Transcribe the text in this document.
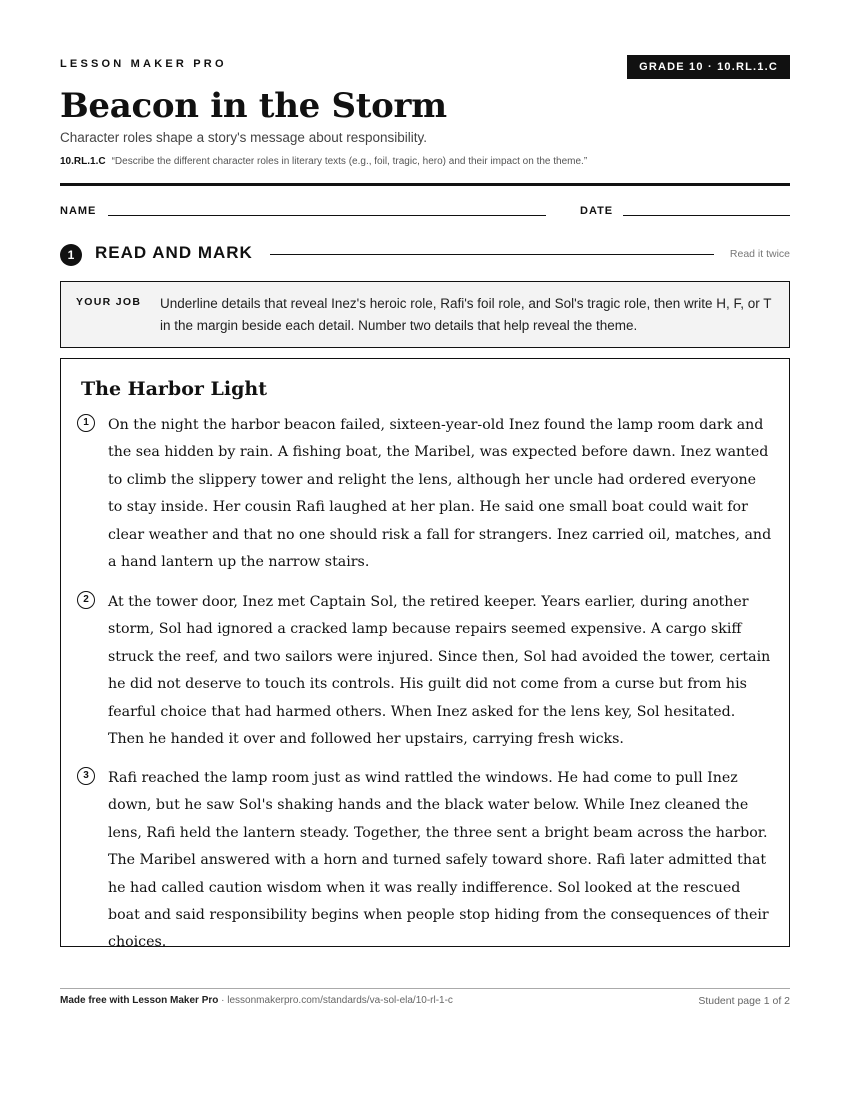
LESSON MAKER PRO	GRADE 10 · 10.RL.1.C
Beacon in the Storm
Character roles shape a story's message about responsibility.
10.RL.1.C “Describe the different character roles in literary texts (e.g., foil, tragic, hero) and their impact on the theme.”
NAME	DATE
1	READ AND MARK	Read it twice
YOUR JOB Underline details that reveal Inez's heroic role, Rafi's foil role, and Sol's tragic role, then write H, F, or T in the margin beside each detail. Number two details that help reveal the theme.
The Harbor Light
1	On the night the harbor beacon failed, sixteen-year-old Inez found the lamp room dark and the sea hidden by rain. A fishing boat, the Maribel, was expected before dawn. Inez wanted to climb the slippery tower and relight the lens, although her uncle had ordered everyone to stay inside. Her cousin Rafi laughed at her plan. He said one small boat could wait for clear weather and that no one should risk a fall for strangers. Inez carried oil, matches, and a hand lantern up the narrow stairs.
2	At the tower door, Inez met Captain Sol, the retired keeper. Years earlier, during another storm, Sol had ignored a cracked lamp because repairs seemed expensive. A cargo skiff struck the reef, and two sailors were injured. Since then, Sol had avoided the tower, certain he did not deserve to touch its controls. His guilt did not come from a curse but from his fearful choice that had harmed others. When Inez asked for the lens key, Sol hesitated. Then he handed it over and followed her upstairs, carrying fresh wicks.
3	Rafi reached the lamp room just as wind rattled the windows. He had come to pull Inez down, but he saw Sol's shaking hands and the black water below. While Inez cleaned the lens, Rafi held the lantern steady. Together, the three sent a bright beam across the harbor. The Maribel answered with a horn and turned safely toward shore. Rafi later admitted that he had called caution wisdom when it was really indifference. Sol looked at the rescued boat and said responsibility begins when people stop hiding from the consequences of their choices.
Made free with Lesson Maker Pro · lessonmakerpro.com/standards/va-sol-ela/10-rl-1-c	Student page 1 of 2
